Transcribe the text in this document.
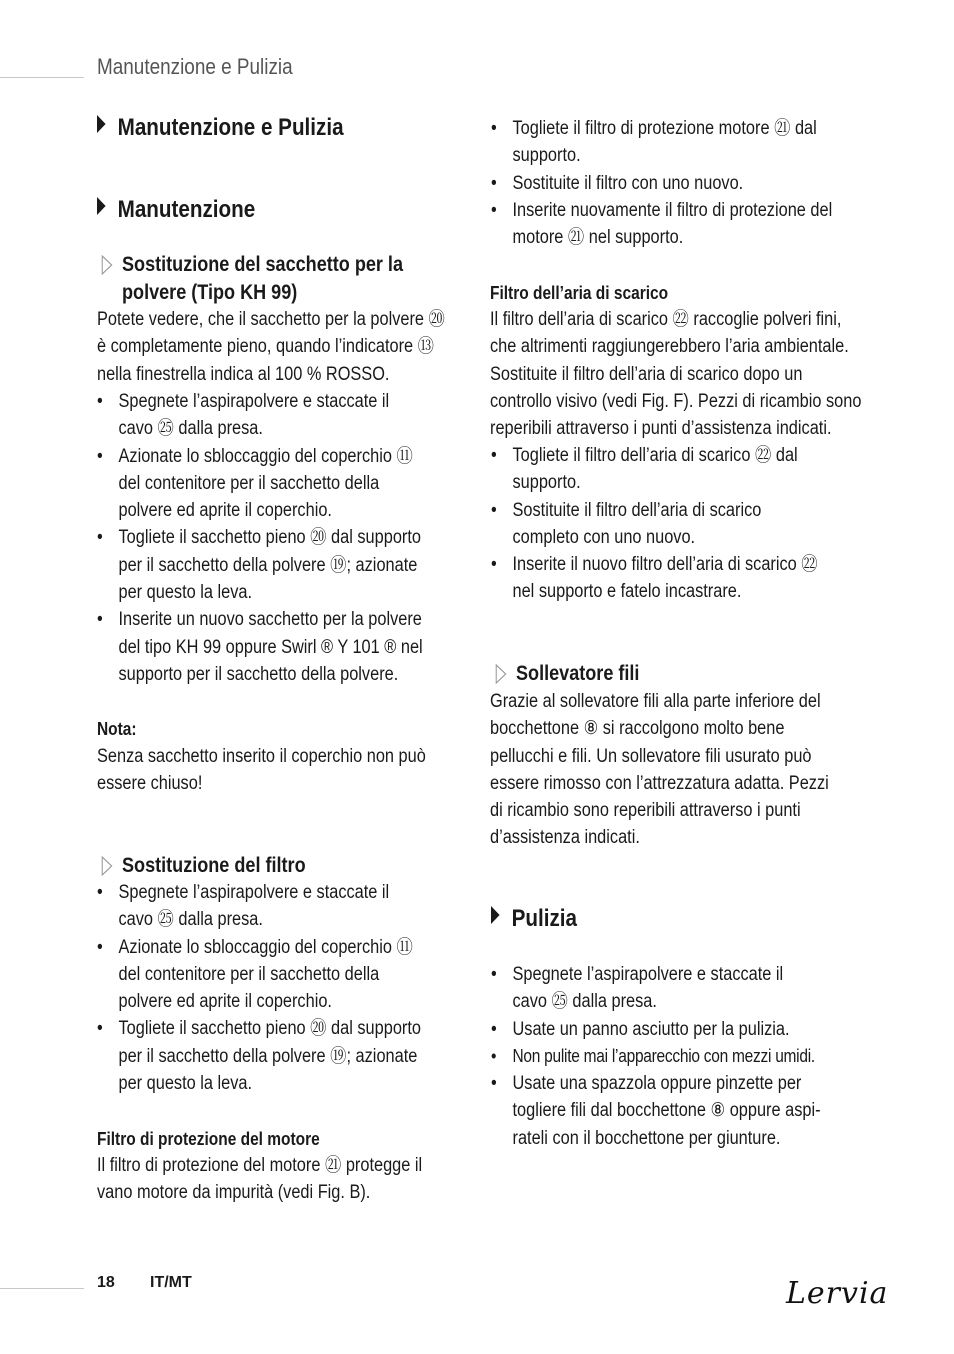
Manutenzione e Pulizia
Manutenzione e Pulizia
Manutenzione
Sostituzione del sacchetto per la
polvere (Tipo KH 99)
Potete vedere, che il sacchetto per la polvere ⑳
è completamente pieno, quando l’indicatore ⑬
nella finestrella indica al 100 % ROSSO.
• Spegnete l’aspirapolvere e staccate il
cavo ㉕ dalla presa.
• Azionate lo sbloccaggio del coperchio ⑪
del contenitore per il sacchetto della
polvere ed aprite il coperchio.
• Togliete il sacchetto pieno ⑳ dal supporto
per il sacchetto della polvere ⑲; azionate
per questo la leva.
• Inserite un nuovo sacchetto per la polvere
del tipo KH 99 oppure Swirl ® Y 101 ® nel
supporto per il sacchetto della polvere.
Nota:
Senza sacchetto inserito il coperchio non può
essere chiuso!
Sostituzione del filtro
• Spegnete l’aspirapolvere e staccate il
cavo ㉕ dalla presa.
• Azionate lo sbloccaggio del coperchio ⑪
del contenitore per il sacchetto della
polvere ed aprite il coperchio.
• Togliete il sacchetto pieno ⑳ dal supporto
per il sacchetto della polvere ⑲; azionate
per questo la leva.
Filtro di protezione del motore
Il filtro di protezione del motore ㉑ protegge il
vano motore da impurità (vedi Fig. B).
• Togliete il filtro di protezione motore ㉑ dal
supporto.
• Sostituite il filtro con uno nuovo.
• Inserite nuovamente il filtro di protezione del
motore ㉑ nel supporto.
Filtro dell’aria di scarico
Il filtro dell’aria di scarico ㉒ raccoglie polveri fini,
che altrimenti raggiungerebbero l’aria ambientale.
Sostituite il filtro dell’aria di scarico dopo un
controllo visivo (vedi Fig. F). Pezzi di ricambio sono
reperibili attraverso i punti d’assistenza indicati.
• Togliete il filtro dell’aria di scarico ㉒ dal
supporto.
• Sostituite il filtro dell’aria di scarico
completo con uno nuovo.
• Inserite il nuovo filtro dell’aria di scarico ㉒
nel supporto e fatelo incastrare.
Sollevatore fili
Grazie al sollevatore fili alla parte inferiore del
bocchettone ⑧ si raccolgono molto bene
pellucchi e fili. Un sollevatore fili usurato può
essere rimosso con l’attrezzatura adatta. Pezzi
di ricambio sono reperibili attraverso i punti
d’assistenza indicati.
Pulizia
• Spegnete l’aspirapolvere e staccate il
cavo ㉕ dalla presa.
• Usate un panno asciutto per la pulizia.
• Non pulite mai l’apparecchio con mezzi umidi.
• Usate una spazzola oppure pinzette per
togliere fili dal bocchettone ⑧ oppure aspi-
rateli con il bocchettone per giunture.
18 IT/MT	Lervia
